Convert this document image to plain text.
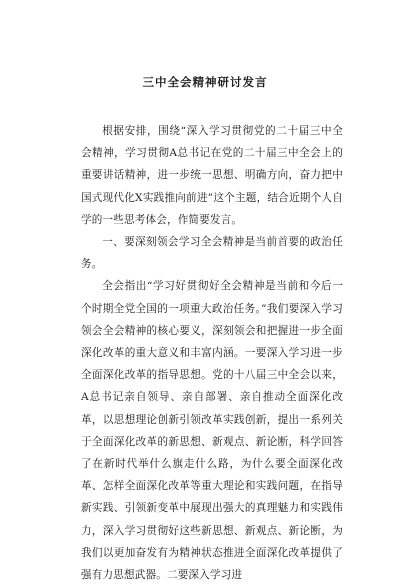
三中全会精神研讨发言

根据安排，围绕“深入学习贯彻党的二十届三中全会精神，学习贯彻A总书记在党的二十届三中全会上的重要讲话精神，进一步统一思想、明确方向，奋力把中国式现代化X实践推向前进”这个主题，结合近期个人自学的一些思考体会，作简要发言。

一、要深刻领会学习全会精神是当前首要的政治任务。

全会指出“学习好贯彻好全会精神是当前和今后一个时期全党全国的一项重大政治任务。”我们要深入学习领会全会精神的核心要义，深刻领会和把握进一步全面深化改革的重大意义和丰富内涵。一要深入学习进一步全面深化改革的指导思想。党的十八届三中全会以来，A总书记亲自领导、亲自部署、亲自推动全面深化改革，以思想理论创新引领改革实践创新，提出一系列关于全面深化改革的新思想、新观点、新论断，科学回答了在新时代举什么旗走什么路，为什么要全面深化改革、怎样全面深化改革等重大理论和实践问题，在指导新实践、引领新变革中展现出强大的真理魅力和实践伟力，深入学习贯彻好这些新思想、新观点、新论断，为我们以更加奋发有为精神状态推进全面深化改革提供了强有力思想武器。二要深入学习进
